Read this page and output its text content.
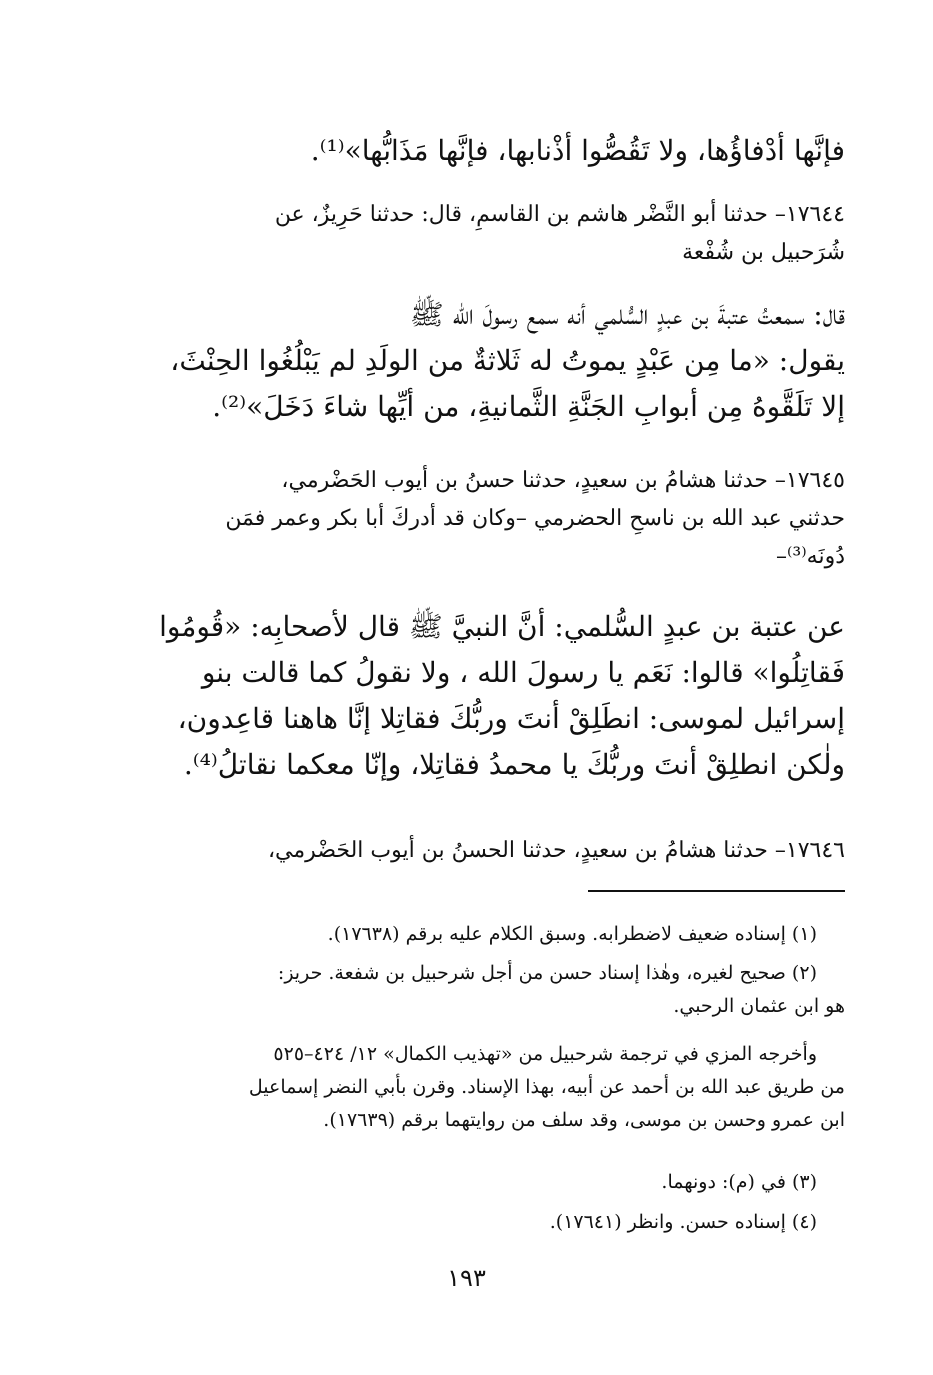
فإنَّها أدْفاؤُها، ولا تَقُصُّوا أذْنابها، فإنَّها مَذَابُّها»⁽¹⁾.
١٧٦٤٤– حدثنا أبو النَّضْر هاشم بن القاسمِ، قال: حدثنا حَرِيزٌ، عن
شُرَحبيل بن شُفْعة
قال: سمعتُ عتبةَ بن عبدٍ السُّلمي أنه سمع رسولَ الله ﷺ
يقول: «ما مِن عَبْدٍ يموتُ له ثَلاثةٌ من الولَدِ لم يَبْلُغُوا الحِنْثَ،
إلا تَلَقَّوهُ مِن أبوابِ الجَنَّةِ الثَّمانيةِ، من أيِّها شاءَ دَخَلَ»⁽²⁾.
١٧٦٤٥– حدثنا هشامُ بن سعيدٍ، حدثنا حسنُ بن أيوب الحَضْرمي،
حدثني عبد الله بن ناسحِ الحضرمي –وكان قد أدركَ أبا بكر وعمر فمَن
دُونَه⁽³⁾–
عن عتبة بن عبدٍ السُّلمي: أنَّ النبيَّ ﷺ قال لأصحابِه: «قُومُوا
فَقاتِلُوا» قالوا: نَعَم يا رسولَ الله ، ولا نقولُ كما قالت بنو
إسرائيل لموسى: انطَلِقْ أنتَ وربُّكَ فقاتِلا إنَّا هاهنا قاعِدون،
ولٰكن انطلِقْ أنتَ وربُّكَ يا محمدُ فقاتِلا، وإنّا معكما نقاتلُ⁽⁴⁾.
١٧٦٤٦– حدثنا هشامُ بن سعيدٍ، حدثنا الحسنُ بن أيوب الحَضْرمي،
(١) إسناده ضعيف لاضطرابه. وسبق الكلام عليه برقم (١٧٦٣٨).
(٢) صحيح لغيره، وهٰذا إسناد حسن من أجل شرحبيل بن شفعة. حريز:
هو ابن عثمان الرحبي.
وأخرجه المزي في ترجمة شرحبيل من «تهذيب الكمال» ١٢/ ٤٢٤–٥٢٥
من طريق عبد الله بن أحمد عن أبيه، بهذا الإسناد. وقرن بأبي النضر إسماعيل
ابن عمرو وحسن بن موسى، وقد سلف من روايتهما برقم (١٧٦٣٩).
(٣) في (م): دونهما.
(٤) إسناده حسن. وانظر (١٧٦٤١).
١٩٣
